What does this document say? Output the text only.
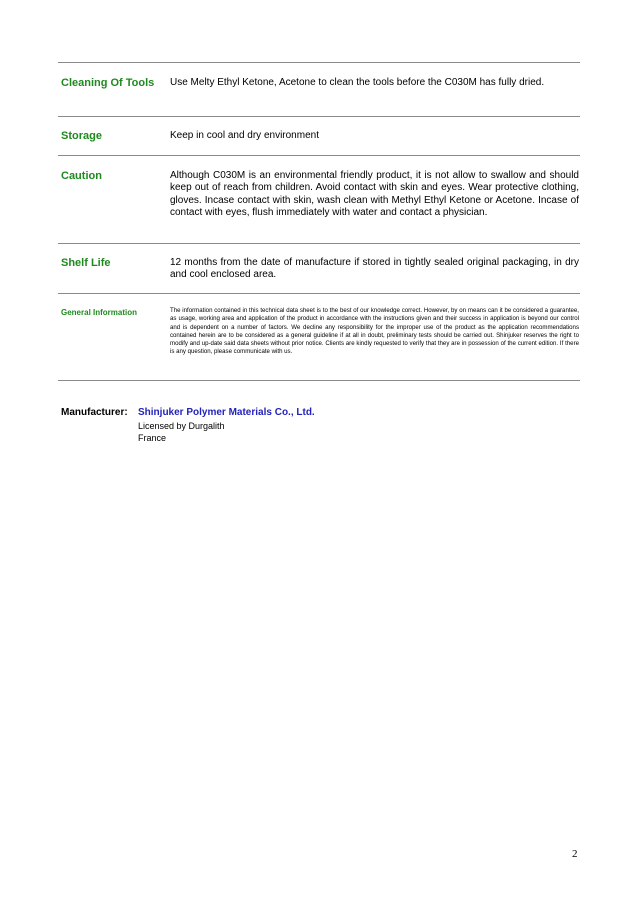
Cleaning Of Tools	Use Melty Ethyl Ketone, Acetone to clean the tools before the C030M has fully dried.
Storage	Keep in cool and dry environment
Caution	Although C030M is an environmental friendly product, it is not allow to swallow and should keep out of reach from children. Avoid contact with skin and eyes. Wear protective clothing, gloves. Incase contact with skin, wash clean with Methyl Ethyl Ketone or Acetone. Incase of contact with eyes, flush immediately with water and contact a physician.
Shelf Life	12 months from the date of manufacture if stored in tightly sealed original packaging, in dry and cool enclosed area.
General Information	The information contained in this technical data sheet is to the best of our knowledge correct. However, by on means can it be considered a guarantee, as usage, working area and application of the product in accordance with the instructions given and their success in application is beyond our control and is dependent on a number of factors. We decline any responsibility for the improper use of the product as the application recommendations contained herein are to be considered as a general guideline if at all in doubt, preliminary tests should be carried out. Shinjuker reserves the right to modify and up-date said data sheets without prior notice. Clients are kindly requested to verify that they are in possession of the current edition. If there is any question, please communicate with us.
Manufacturer: Shinjuker Polymer Materials Co., Ltd.
Licensed by Durgalith
France
2
